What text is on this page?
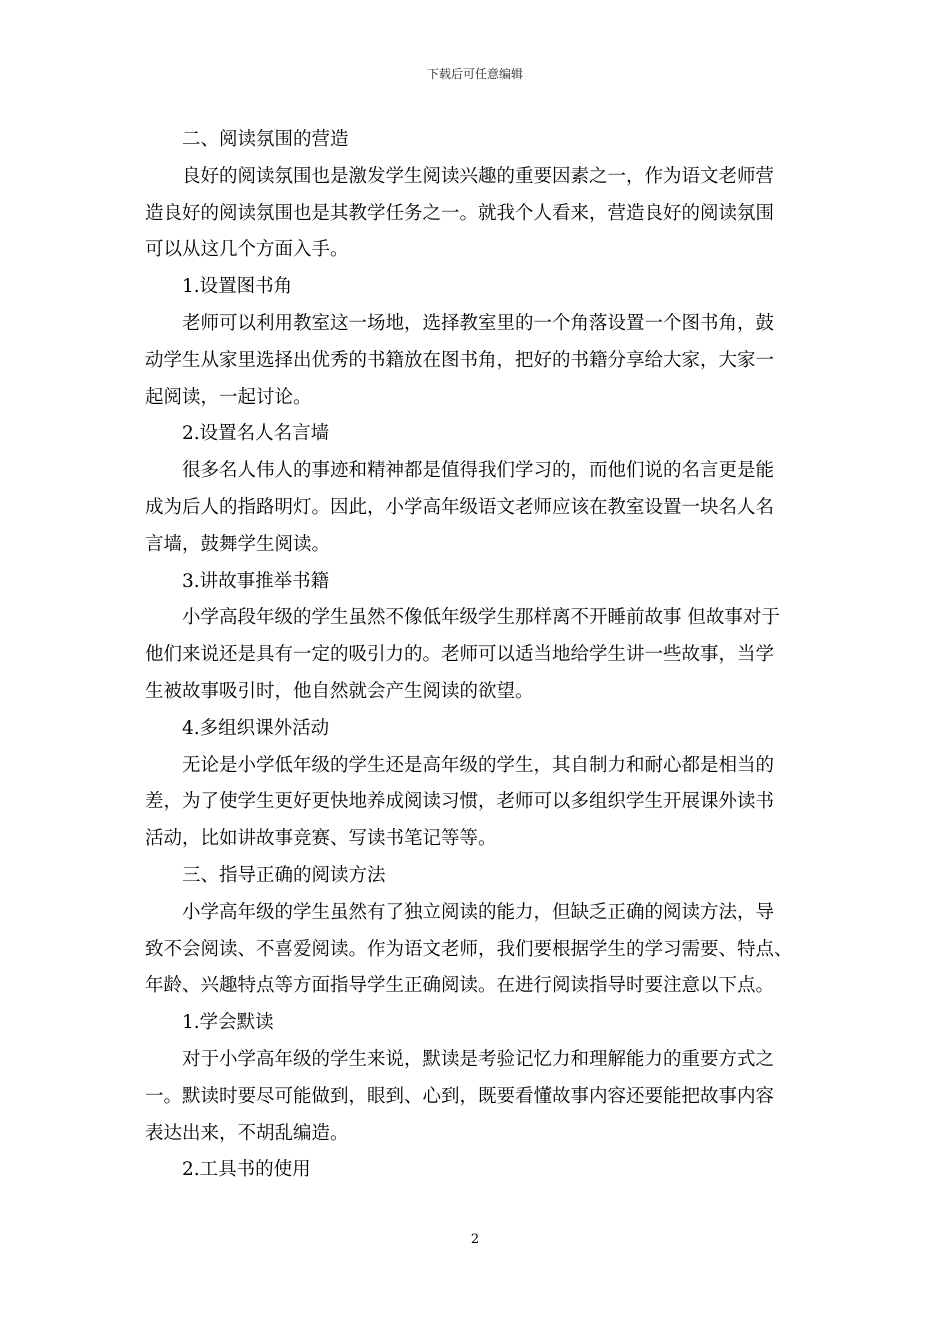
下载后可任意编辑
二、阅读氛围的营造
良好的阅读氛围也是激发学生阅读兴趣的重要因素之一，作为语文老师营
造良好的阅读氛围也是其教学任务之一。就我个人看来，营造良好的阅读氛围
可以从这几个方面入手。
1.设置图书角
老师可以利用教室这一场地，选择教室里的一个角落设置一个图书角，鼓
动学生从家里选择出优秀的书籍放在图书角，把好的书籍分享给大家，大家一
起阅读，一起讨论。
2.设置名人名言墙
很多名人伟人的事迹和精神都是值得我们学习的，而他们说的名言更是能
成为后人的指路明灯。因此，小学高年级语文老师应该在教室设置一块名人名
言墙，鼓舞学生阅读。
3.讲故事推举书籍
小学高段年级的学生虽然不像低年级学生那样离不开睡前故事 但故事对于
他们来说还是具有一定的吸引力的。老师可以适当地给学生讲一些故事，当学
生被故事吸引时，他自然就会产生阅读的欲望。
4.多组织课外活动
无论是小学低年级的学生还是高年级的学生，其自制力和耐心都是相当的
差，为了使学生更好更快地养成阅读习惯，老师可以多组织学生开展课外读书
活动，比如讲故事竞赛、写读书笔记等等。
三、指导正确的阅读方法
小学高年级的学生虽然有了独立阅读的能力，但缺乏正确的阅读方法，导
致不会阅读、不喜爱阅读。作为语文老师，我们要根据学生的学习需要、特点、
年龄、兴趣特点等方面指导学生正确阅读。在进行阅读指导时要注意以下点。
1.学会默读
对于小学高年级的学生来说，默读是考验记忆力和理解能力的重要方式之
一。默读时要尽可能做到，眼到、心到，既要看懂故事内容还要能把故事内容
表达出来，不胡乱编造。
2.工具书的使用
2
